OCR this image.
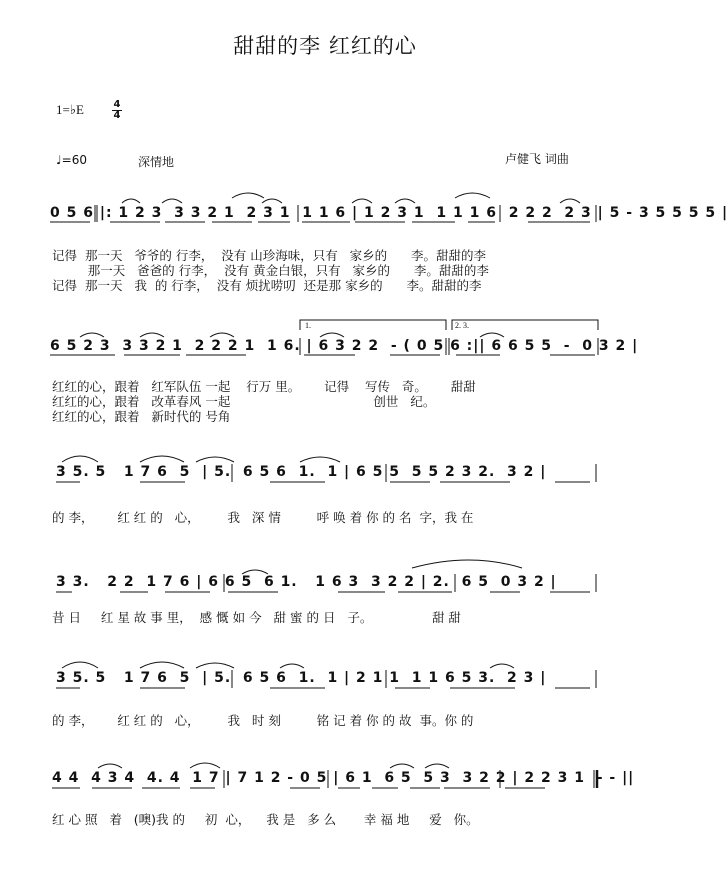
甜甜的李 红红的心
1=♭E	4
4
♩=60	深情地	卢健飞 词曲
0 5 6 |: 1 2 3  3 3 2 1  2 3 1  1 1 6 | 1 2 3 1  1 1 1 6  2 2 2  2 3 | 5 - 3 5 5 5 5 |
记得  那一天   爷爷的 行李，  没有 山珍海味，只有   家乡的      李。甜甜的李
那一天   爸爸的 行李，  没有 黄金白银，只有   家乡的      李。甜甜的李
记得  那一天   我  的 行李，  没有 烦扰唠叨  还是那 家乡的      李。甜甜的李
1.	2. 3.
6 5 2 3  3 3 2 1  2 2 2 1  1 6. | 6 3 2 2  - ( 0 5 6 :|| 6 6 5 5  -  0 3 2 |
红红的心，跟着   红军队伍 一起    行万 里。      记得    写传   奇。      甜甜
红红的心，跟着   改革春风 一起                                    创世   纪。
红红的心，跟着   新时代的 号角
3 5. 5   1 7 6  5  | 5.  6 5 6  1.  1 | 6 5 5  5 5 2 3 2.  3 2 |
的 李，      红 红 的   心，       我   深 情         呼 唤 着 你 的 名  字，我 在
3 3.   2 2  1 7 6 | 6 6 5  6 1.   1 6 3  3 2 2 | 2.  6 5  0 3 2 |
昔 日     红 星 故 事 里，  感 慨 如 今   甜 蜜 的 日   子。               甜 甜
3 5. 5   1 7 6  5  | 5.  6 5 6  1.  1 | 2 1 1  1 1 6 5 3.  2 3 |
的 李，      红 红 的   心，       我   时 刻         铭 记 着 你 的 故  事。你 的
4 4  4 3 4  4. 4  1 7 | 7 1 2 - 0 5 | 6 1  6 5  5 3  3 2 2 | 2 2 3 1  - - ||
红 心 照   着   (噢)我 的     初  心，    我 是   多 么       幸 福 地     爱   你。
